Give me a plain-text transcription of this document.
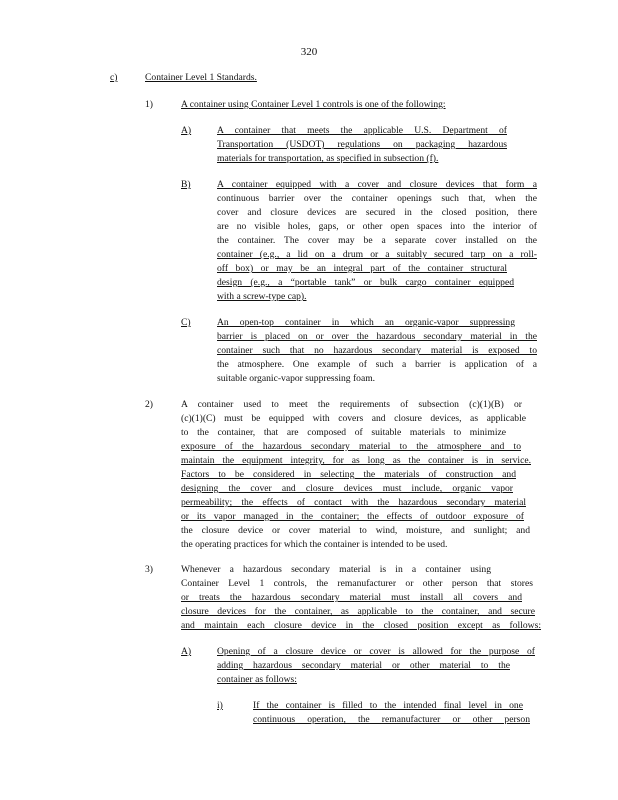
320
c)	Container Level 1 Standards.
1)	A container using Container Level 1 controls is one of the following:
A)	A container that meets the applicable U.S. Department of
Transportation (USDOT) regulations on packaging hazardous
materials for transportation, as specified in subsection (f).
B)	A container equipped with a cover and closure devices that form a
continuous barrier over the container openings such that, when the
cover and closure devices are secured in the closed position, there
are no visible holes, gaps, or other open spaces into the interior of
the container. The cover may be a separate cover installed on the
container (e.g., a lid on a drum or a suitably secured tarp on a roll-
off box) or may be an integral part of the container structural
design (e.g., a “portable tank” or bulk cargo container equipped
with a screw-type cap).
C)	An open-top container in which an organic-vapor suppressing
barrier is placed on or over the hazardous secondary material in the
container such that no hazardous secondary material is exposed to
the atmosphere. One example of such a barrier is application of a
suitable organic-vapor suppressing foam.
2)	A container used to meet the requirements of subsection (c)(1)(B) or
(c)(1)(C) must be equipped with covers and closure devices, as applicable
to the container, that are composed of suitable materials to minimize
exposure of the hazardous secondary material to the atmosphere and to
maintain the equipment integrity, for as long as the container is in service.
Factors to be considered in selecting the materials of construction and
designing the cover and closure devices must include, organic vapor
permeability; the effects of contact with the hazardous secondary material
or its vapor managed in the container; the effects of outdoor exposure of
the closure device or cover material to wind, moisture, and sunlight; and
the operating practices for which the container is intended to be used.
3)	Whenever a hazardous secondary material is in a container using
Container Level 1 controls, the remanufacturer or other person that stores
or treats the hazardous secondary material must install all covers and
closure devices for the container, as applicable to the container, and secure
and maintain each closure device in the closed position except as follows:
A)	Opening of a closure device or cover is allowed for the purpose of
adding hazardous secondary material or other material to the
container as follows:
i)	If the container is filled to the intended final level in one
continuous operation, the remanufacturer or other person
